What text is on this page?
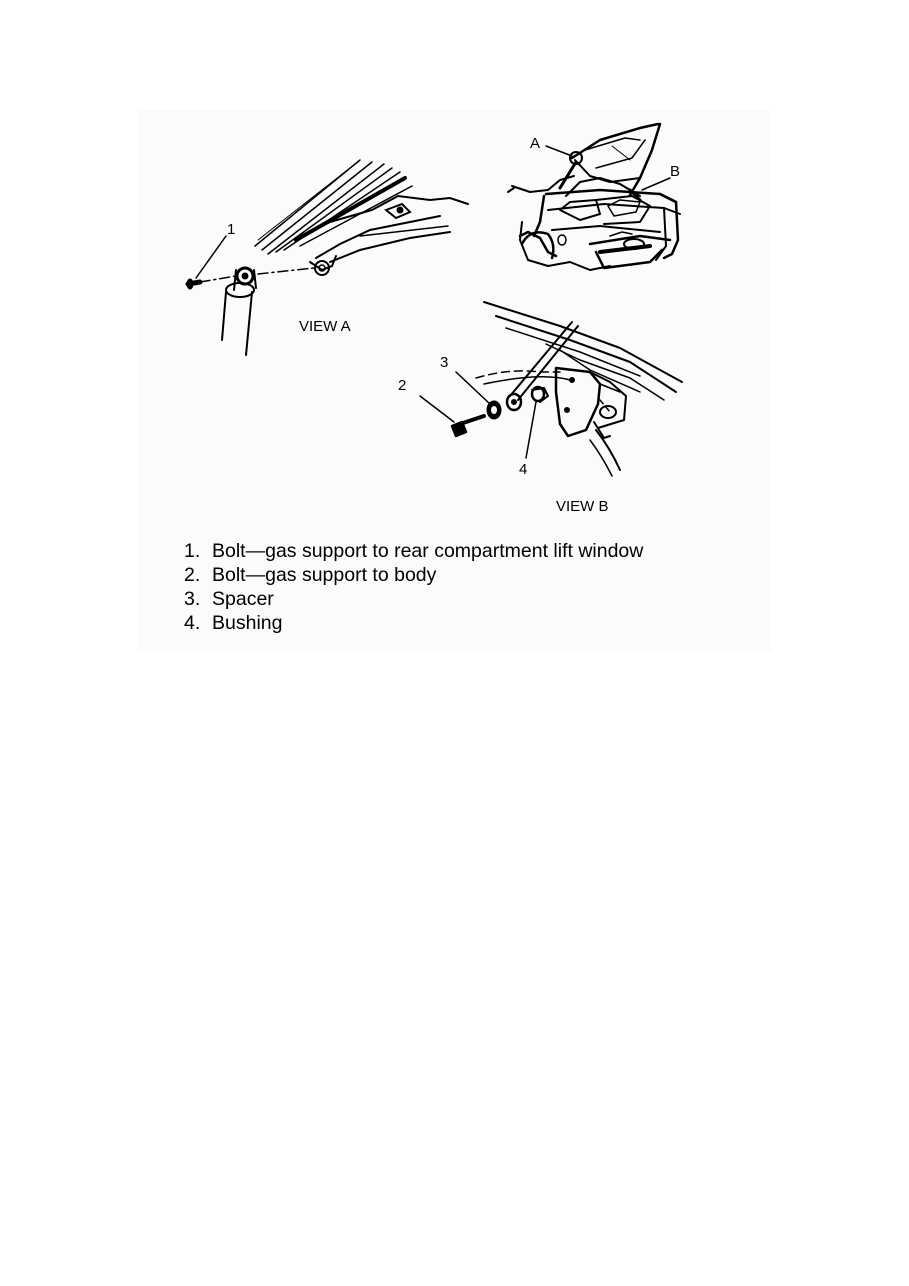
1
VIEW A
A
B
2
3
4
VIEW B
1. Bolt—gas support to rear compartment lift window
2. Bolt—gas support to body
3. Spacer
4. Bushing
